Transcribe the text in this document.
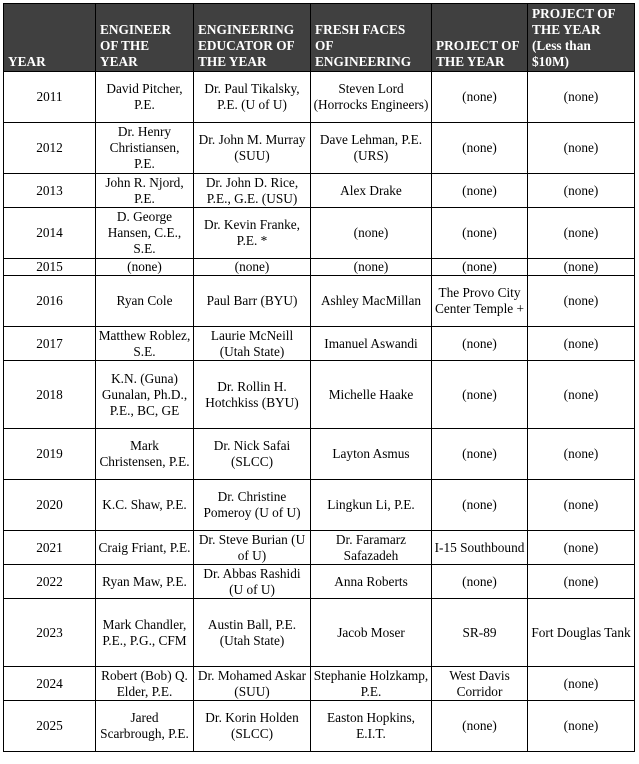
YEAR	ENGINEER OF THE YEAR	ENGINEERING EDUCATOR OF THE YEAR	FRESH FACES OF ENGINEERING	PROJECT OF THE YEAR	PROJECT OF THE YEAR (Less than $10M)
2011	David Pitcher, P.E.	Dr. Paul Tikalsky, P.E. (U of U)	Steven Lord (Horrocks Engineers)	(none)	(none)
2012	Dr. Henry Christiansen, P.E.	Dr. John M. Murray (SUU)	Dave Lehman, P.E. (URS)	(none)	(none)
2013	John R. Njord, P.E.	Dr. John D. Rice, P.E., G.E. (USU)	Alex Drake	(none)	(none)
2014	D. George Hansen, C.E., S.E.	Dr. Kevin Franke, P.E. *	(none)	(none)	(none)
2015	(none)	(none)	(none)	(none)	(none)
2016	Ryan Cole	Paul Barr (BYU)	Ashley MacMillan	The Provo City Center Temple +	(none)
2017	Matthew Roblez, S.E.	Laurie McNeill (Utah State)	Imanuel Aswandi	(none)	(none)
2018	K.N. (Guna) Gunalan, Ph.D., P.E., BC, GE	Dr. Rollin H. Hotchkiss (BYU)	Michelle Haake	(none)	(none)
2019	Mark Christensen, P.E.	Dr. Nick Safai (SLCC)	Layton Asmus	(none)	(none)
2020	K.C. Shaw, P.E.	Dr. Christine Pomeroy (U of U)	Lingkun Li, P.E.	(none)	(none)
2021	Craig Friant, P.E.	Dr. Steve Burian (U of U)	Dr. Faramarz Safazadeh	I-15 Southbound	(none)
2022	Ryan Maw, P.E.	Dr. Abbas Rashidi (U of U)	Anna Roberts	(none)	(none)
2023	Mark Chandler, P.E., P.G., CFM	Austin Ball, P.E. (Utah State)	Jacob Moser	SR-89	Fort Douglas Tank
2024	Robert (Bob) Q. Elder, P.E.	Dr. Mohamed Askar (SUU)	Stephanie Holzkamp, P.E.	West Davis Corridor	(none)
2025	Jared Scarbrough, P.E.	Dr. Korin Holden (SLCC)	Easton Hopkins, E.I.T.	(none)	(none)
